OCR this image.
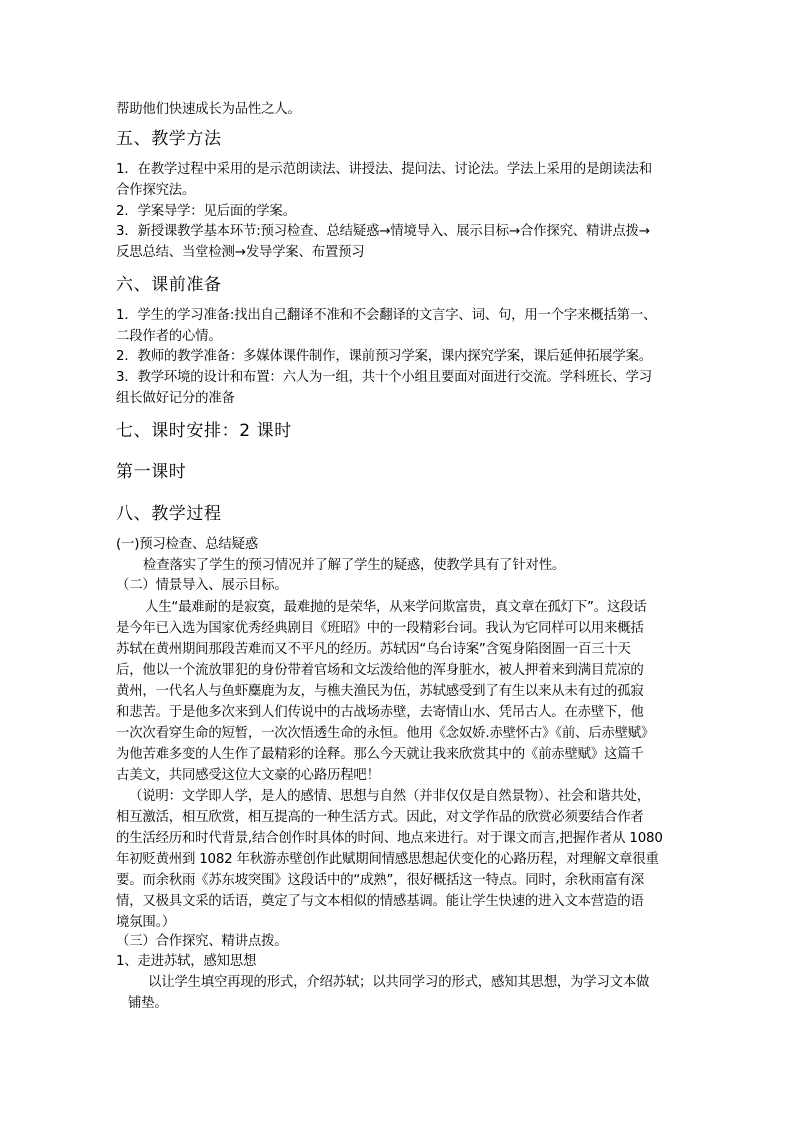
帮助他们快速成长为品性之人。
五、教学方法
1．在教学过程中采用的是示范朗读法、讲授法、提问法、讨论法。学法上采用的是朗读法和
合作探究法。
2．学案导学：见后面的学案。
3．新授课教学基本环节:预习检查、总结疑惑→情境导入、展示目标→合作探究、精讲点拨→
反思总结、当堂检测→发导学案、布置预习
六、课前准备
1．学生的学习准备:找出自己翻译不准和不会翻译的文言字、词、句，用一个字来概括第一、
二段作者的心情。
2．教师的教学准备：多媒体课件制作，课前预习学案，课内探究学案，课后延伸拓展学案。
3．教学环境的设计和布置：六人为一组，共十个小组且要面对面进行交流。学科班长、学习
组长做好记分的准备
七、课时安排：2 课时
第一课时
八、教学过程
(一)预习检查、总结疑惑
检查落实了学生的预习情况并了解了学生的疑惑，使教学具有了针对性。
（二）情景导入、展示目标。
人生“最难耐的是寂寞，最难抛的是荣华，从来学问欺富贵，真文章在孤灯下”。这段话
是今年已入选为国家优秀经典剧目《班昭》中的一段精彩台词。我认为它同样可以用来概括
苏轼在黄州期间那段苦难而又不平凡的经历。苏轼因“乌台诗案”含冤身陷囹圄一百三十天
后，他以一个流放罪犯的身份带着官场和文坛泼给他的浑身脏水，被人押着来到满目荒凉的
黄州，一代名人与鱼虾麋鹿为友，与樵夫渔民为伍，苏轼感受到了有生以来从未有过的孤寂
和悲苦。于是他多次来到人们传说中的古战场赤壁，去寄情山水、凭吊古人。在赤壁下，他
一次次看穿生命的短暂，一次次悟透生命的永恒。他用《念奴娇.赤壁怀古》《前、后赤壁赋》
为他苦难多变的人生作了最精彩的诠释。那么今天就让我来欣赏其中的《前赤壁赋》这篇千
古美文，共同感受这位大文豪的心路历程吧！
（说明：文学即人学，是人的感情、思想与自然（并非仅仅是自然景物）、社会和谐共处，
相互激活，相互欣赏，相互提高的一种生活方式。因此，对文学作品的欣赏必须要结合作者
的生活经历和时代背景,结合创作时具体的时间、地点来进行。对于课文而言,把握作者从 1080
年初贬黄州到 1082 年秋游赤壁创作此赋期间情感思想起伏变化的心路历程，对理解文章很重
要。而余秋雨《苏东坡突围》这段话中的“成熟”，很好概括这一特点。同时，余秋雨富有深
情，又极具文采的话语，奠定了与文本相似的情感基调。能让学生快速的进入文本营造的语
境氛围。）
（三）合作探究、精讲点拨。
1、走进苏轼，感知思想
以让学生填空再现的形式，介绍苏轼；以共同学习的形式，感知其思想，为学习文本做
铺垫。
